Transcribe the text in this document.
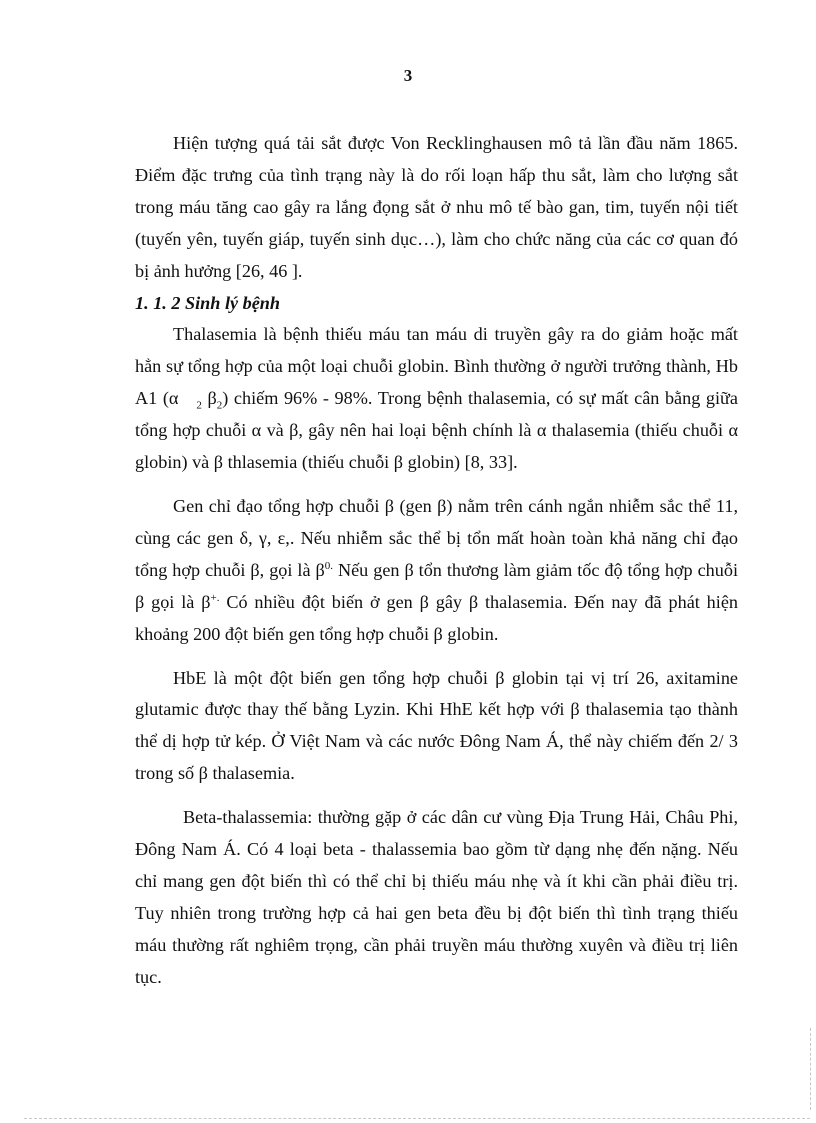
3

Hiện tượng quá tải sắt được Von Recklinghausen mô tả lần đầu năm 1865. Điểm đặc trưng của tình trạng này là do rối loạn hấp thu sắt, làm cho lượng sắt trong máu tăng cao gây ra lắng đọng sắt ở nhu mô tế bào gan, tim, tuyến nội tiết (tuyến yên, tuyến giáp, tuyến sinh dục…), làm cho chức năng của các cơ quan đó bị ảnh hưởng [26, 46 ].

1. 1. 2 Sinh lý bệnh

Thalasemia là bệnh thiếu máu tan máu di truyền gây ra do giảm hoặc mất hẳn sự tổng hợp của một loại chuỗi globin. Bình thường ở người trưởng thành, Hb A1 (α $_2$ $\beta_2$) chiếm 96% - 98%. Trong bệnh thalasemia, có sự mất cân bằng giữa tổng hợp chuỗi α và β, gây nên hai loại bệnh chính là α thalasemia (thiếu chuỗi α globin) và β thlasemia (thiếu chuỗi β globin) [8, 33].

Gen chỉ đạo tổng hợp chuỗi β (gen β) nằm trên cánh ngắn nhiễm sắc thể 11, cùng các gen δ, γ, ε,. Nếu nhiễm sắc thể bị tổn mất hoàn toàn khả năng chỉ đạo tổng hợp chuỗi β, gọi là $\beta^{0.}$ Nếu gen β tổn thương làm giảm tốc độ tổng hợp chuỗi β gọi là β+. Có nhiều đột biến ở gen β gây β thalasemia. Đến nay đã phát hiện khoảng 200 đột biến gen tổng hợp chuỗi β globin.

HbE là một đột biến gen tổng hợp chuỗi β globin tại vị trí 26, axitamine glutamic được thay thế bằng Lyzin. Khi HhE kết hợp với β thalasemia tạo thành thể dị hợp tử kép. Ở Việt Nam và các nước Đông Nam Á, thể này chiếm đến 2/ 3 trong số β thalasemia.

Beta-thalassemia: thường gặp ở các dân cư vùng Địa Trung Hải, Châu Phi, Đông Nam Á. Có 4 loại beta - thalassemia bao gồm từ dạng nhẹ đến nặng. Nếu chỉ mang gen đột biến thì có thể chỉ bị thiếu máu nhẹ và ít khi cần phải điều trị. Tuy nhiên trong trường hợp cả hai gen beta đều bị đột biến thì tình trạng thiếu máu thường rất nghiêm trọng, cần phải truyền máu thường xuyên và điều trị liên tục.
